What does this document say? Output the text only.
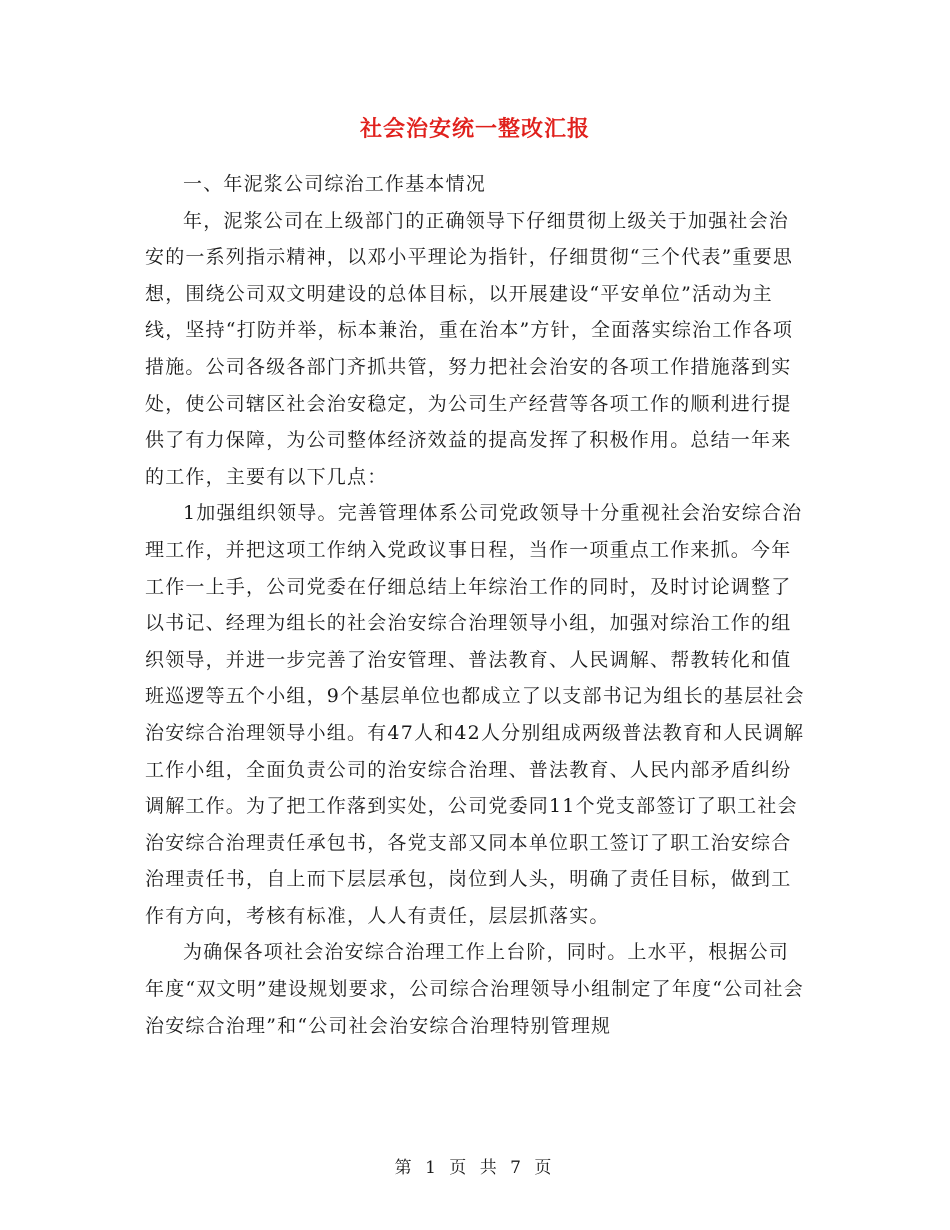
社会治安统一整改汇报

一、年泥浆公司综治工作基本情况

年，泥浆公司在上级部门的正确领导下仔细贯彻上级关于加强社会治安的一系列指示精神，以邓小平理论为指针，仔细贯彻“三个代表”重要思想，围绕公司双文明建设的总体目标，以开展建设“平安单位”活动为主线，坚持“打防并举，标本兼治，重在治本”方针，全面落实综治工作各项措施。公司各级各部门齐抓共管，努力把社会治安的各项工作措施落到实处，使公司辖区社会治安稳定，为公司生产经营等各项工作的顺利进行提供了有力保障，为公司整体经济效益的提高发挥了积极作用。总结一年来的工作，主要有以下几点：

1加强组织领导。完善管理体系公司党政领导十分重视社会治安综合治理工作，并把这项工作纳入党政议事日程，当作一项重点工作来抓。今年工作一上手，公司党委在仔细总结上年综治工作的同时，及时讨论调整了以书记、经理为组长的社会治安综合治理领导小组，加强对综治工作的组织领导，并进一步完善了治安管理、普法教育、人民调解、帮教转化和值班巡逻等五个小组，9个基层单位也都成立了以支部书记为组长的基层社会治安综合治理领导小组。有47人和42人分别组成两级普法教育和人民调解工作小组，全面负责公司的治安综合治理、普法教育、人民内部矛盾纠纷调解工作。为了把工作落到实处，公司党委同11个党支部签订了职工社会治安综合治理责任承包书，各党支部又同本单位职工签订了职工治安综合治理责任书，自上而下层层承包，岗位到人头，明确了责任目标，做到工作有方向，考核有标准，人人有责任，层层抓落实。

为确保各项社会治安综合治理工作上台阶，同时。上水平，根据公司年度“双文明”建设规划要求，公司综合治理领导小组制定了年度“公司社会治安综合治理”和“公司社会治安综合治理特别管理规

第 1 页 共 7 页
